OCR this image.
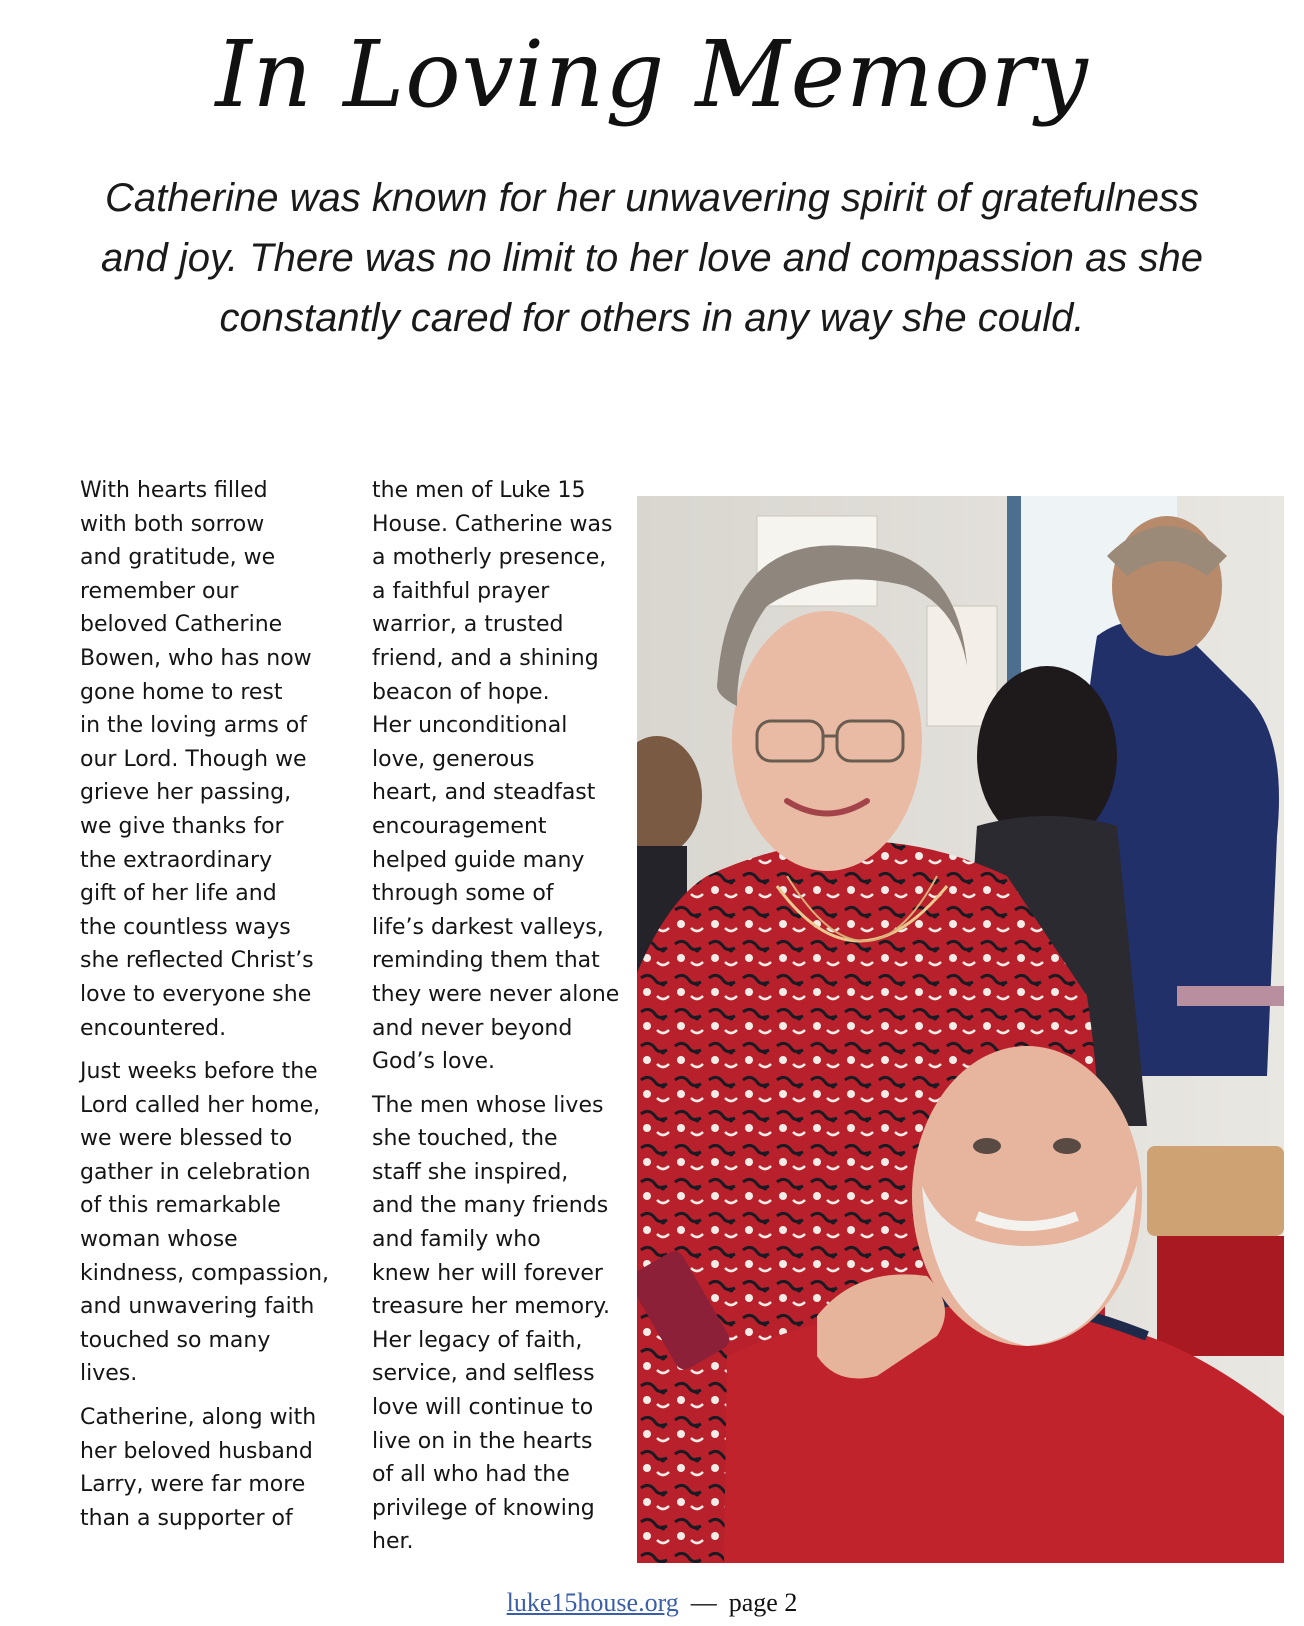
In Loving Memory
Catherine was known for her unwavering spirit of gratefulness
and joy. There was no limit to her love and compassion as she
constantly cared for others in any way she could.

With hearts filled
with both sorrow
and gratitude, we
remember our
beloved Catherine
Bowen, who has now
gone home to rest
in the loving arms of
our Lord. Though we
grieve her passing,
we give thanks for
the extraordinary
gift of her life and
the countless ways
she reflected Christ’s
love to everyone she
encountered.

Just weeks before the
Lord called her home,
we were blessed to
gather in celebration
of this remarkable
woman whose
kindness, compassion,
and unwavering faith
touched so many
lives.

Catherine, along with
her beloved husband
Larry, were far more
than a supporter of

the men of Luke 15
House. Catherine was
a motherly presence,
a faithful prayer
warrior, a trusted
friend, and a shining
beacon of hope.
Her unconditional
love, generous
heart, and steadfast
encouragement
helped guide many
through some of
life’s darkest valleys,
reminding them that
they were never alone
and never beyond
God’s love.

The men whose lives
she touched, the
staff she inspired,
and the many friends
and family who
knew her will forever
treasure her memory.
Her legacy of faith,
service, and selfless
love will continue to
live on in the hearts
of all who had the
privilege of knowing
her.

luke15house.org — page 2
